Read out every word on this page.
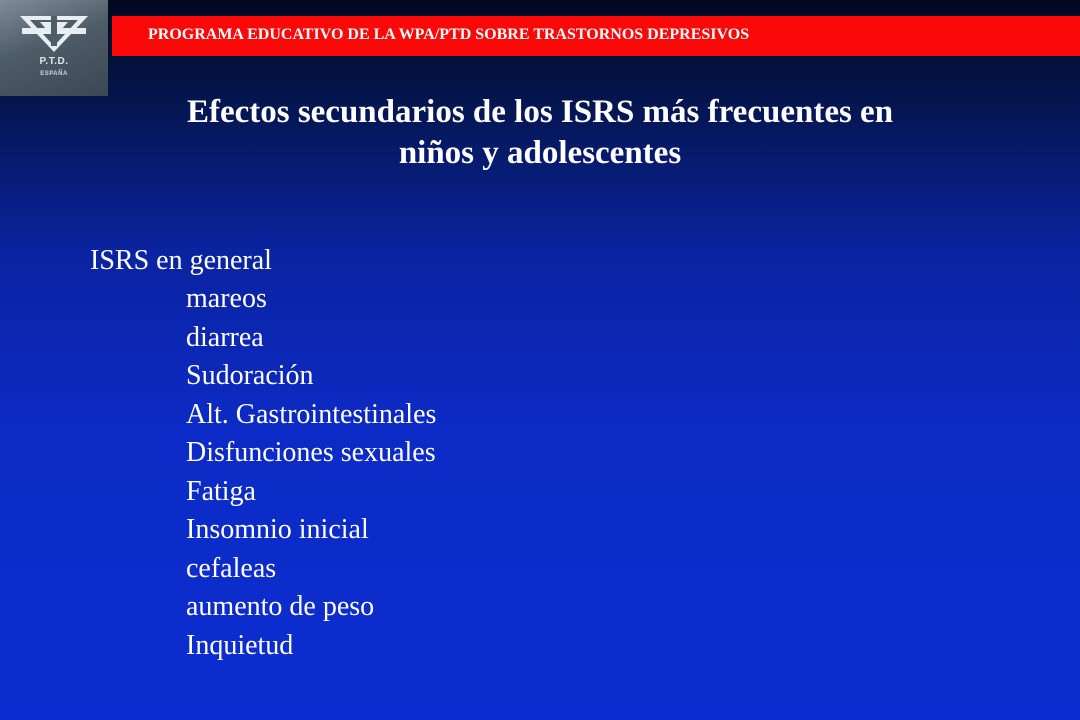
P.T.D.
ESPAÑA
PROGRAMA EDUCATIVO DE LA WPA/PTD SOBRE TRASTORNOS DEPRESIVOS
Efectos secundarios de los ISRS más frecuentes en
niños y adolescentes
ISRS en general
mareos
diarrea
Sudoración
Alt. Gastrointestinales
Disfunciones sexuales
Fatiga
Insomnio inicial
cefaleas
aumento de peso
Inquietud
